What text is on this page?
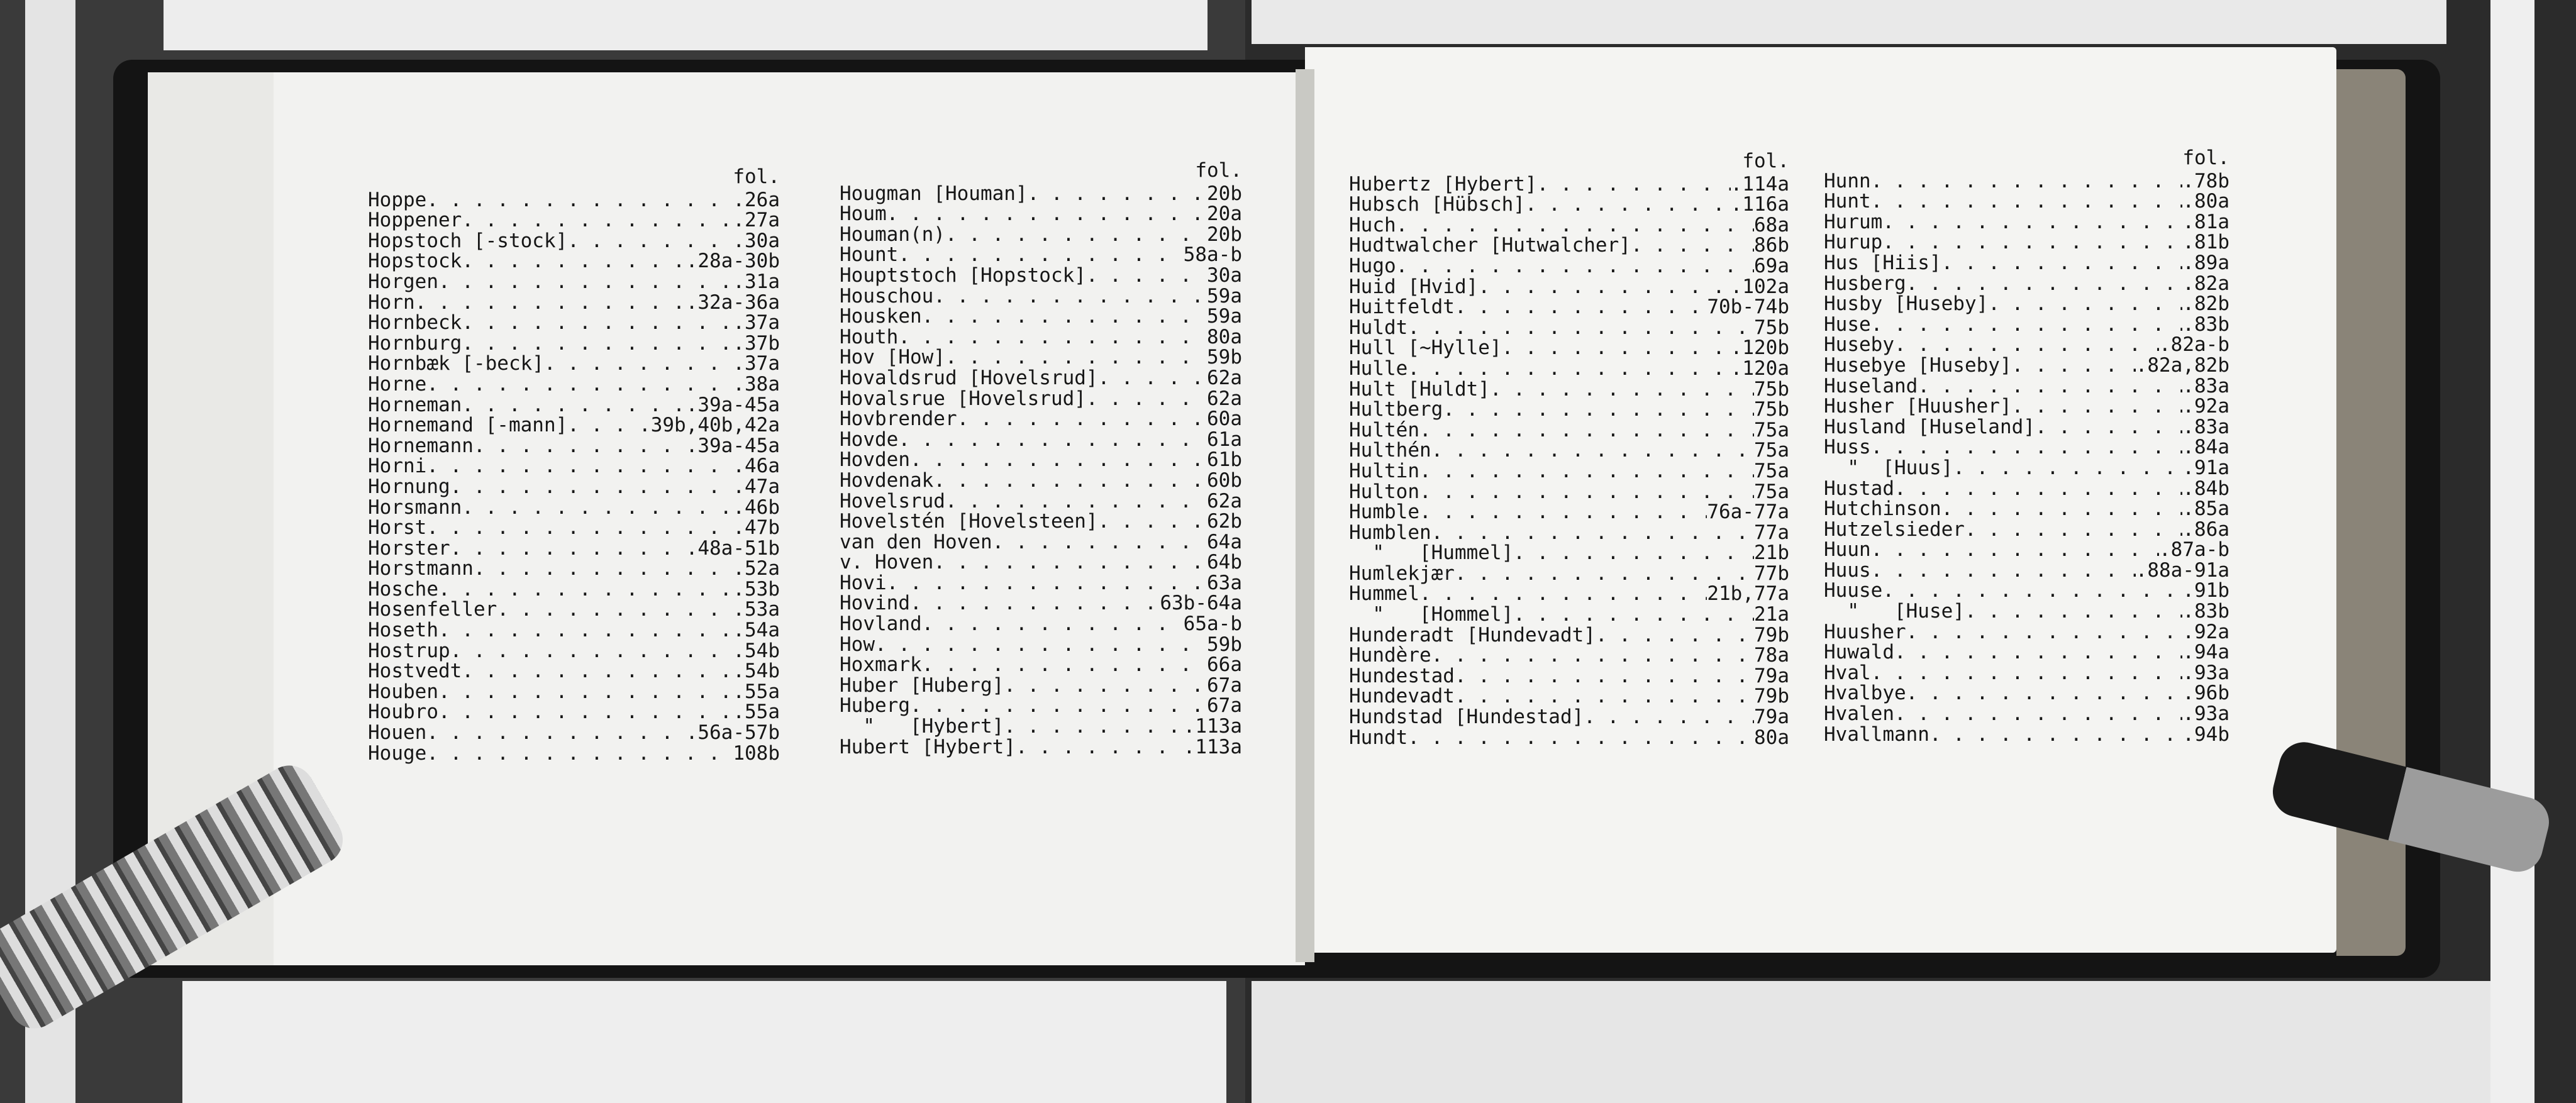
fol.
Hoppe . . .	.26a
Hoppener . . .	.27a
Hopstoch [-stock] . . .	.30a
Hopstock . . .	.28a-30b
Horgen . . .	.31a
Horn . . .	.32a-36a
Hornbeck . . .	.37a
Hornburg . . .	.37b
Hornbæk [-beck] . . .	.37a
Horne . . .	.38a
Horneman . . .	.39a-45a
Hornemand [-mann] . . .	.39b,40b,42a
Hornemann . . .	.39a-45a
Horni . . .	.46a
Hornung . . .	.47a
Horsmann . . .	.46b
Horst . . .	.47b
Horster . . .	.48a-51b
Horstmann . . .	.52a
Hosche . . .	.53b
Hosenfeller . . .	.53a
Hoseth . . .	.54a
Hostrup . . .	.54b
Hostvedt . . .	.54b
Houben . . .	.55a
Houbro . . .	.55a
Houen . . .	.56a-57b
Houge . . .	108b
fol.
Hougman [Houman] . . .	20b
Houm . . .	20a
Houman(n) . . .	20b
Hount . . .	58a-b
Houptstoch [Hopstock] . . .	30a
Houschou . . .	59a
Housken . . .	59a
Houth . . .	80a
Hov [How] . . .	59b
Hovaldsrud [Hovelsrud] . . .	62a
Hovalsrue [Hovelsrud] . . .	62a
Hovbrender . . .	60a
Hovde . . .	61a
Hovden . . .	61b
Hovdenak . . .	60b
Hovelsrud . . .	62a
Hovelstén [Hovelsteen] . . .	62b
van den Hoven . . .	64a
v. Hoven . . .	64b
Hovi . . .	63a
Hovind . . .	63b-64a
Hovland . . .	65a-b
How . . .	59b
Hoxmark . . .	66a
Huber [Huberg] . . .	67a
Huberg . . .	67a
"   [Hybert] . . .	.113a
Hubert [Hybert] . . .	.113a
fol.
Hubertz [Hybert] . . .	.114a
Hubsch [Hübsch] . . .	.116a
Huch . . .	68a
Hudtwalcher [Hutwalcher] . . .	86b
Hugo . . .	69a
Huid [Hvid] . . .	.102a
Huitfeldt . . .	70b-74b
Huldt . . .	75b
Hull [~Hylle] . . .	.120b
Hulle . . .	.120a
Hult [Huldt] . . .	75b
Hultberg . . .	75b
Hultén . . .	75a
Hulthén . . .	75a
Hultin . . .	75a
Hulton . . .	75a
Humble . . .	76a-77a
Humblen . . .	77a
"   [Hummel] . . .	21b
Humlekjær . . .	77b
Hummel . . .	21b,77a
"   [Hommel] . . .	21a
Hunderadt [Hundevadt] . . .	79b
Hundère . . .	78a
Hundestad . . .	79a
Hundevadt . . .	79b
Hundstad [Hundestad] . . .	79a
Hundt . . .	80a
fol.
Hunn . . .	.78b
Hunt . . .	.80a
Hurum . . .	.81a
Hurup . . .	.81b
Hus [Hiis] . . .	.89a
Husberg . . .	.82a
Husby [Huseby] . . .	.82b
Huse . . .	.83b
Huseby . . .	.82a-b
Husebye [Huseby] . . .	.82a,82b
Huseland . . .	.83a
Husher [Huusher] . . .	.92a
Husland [Huseland] . . .	.83a
Huss . . .	.84a
"  [Huus] . . .	.91a
Hustad . . .	.84b
Hutchinson . . .	.85a
Hutzelsieder . . .	.86a
Huun . . .	.87a-b
Huus . . .	.88a-91a
Huuse . . .	.91b
"   [Huse] . . .	.83b
Huusher . . .	.92a
Huwald . . .	.94a
Hval . . .	.93a
Hvalbye . . .	.96b
Hvalen . . .	.93a
Hvallmann . . .	.94b
